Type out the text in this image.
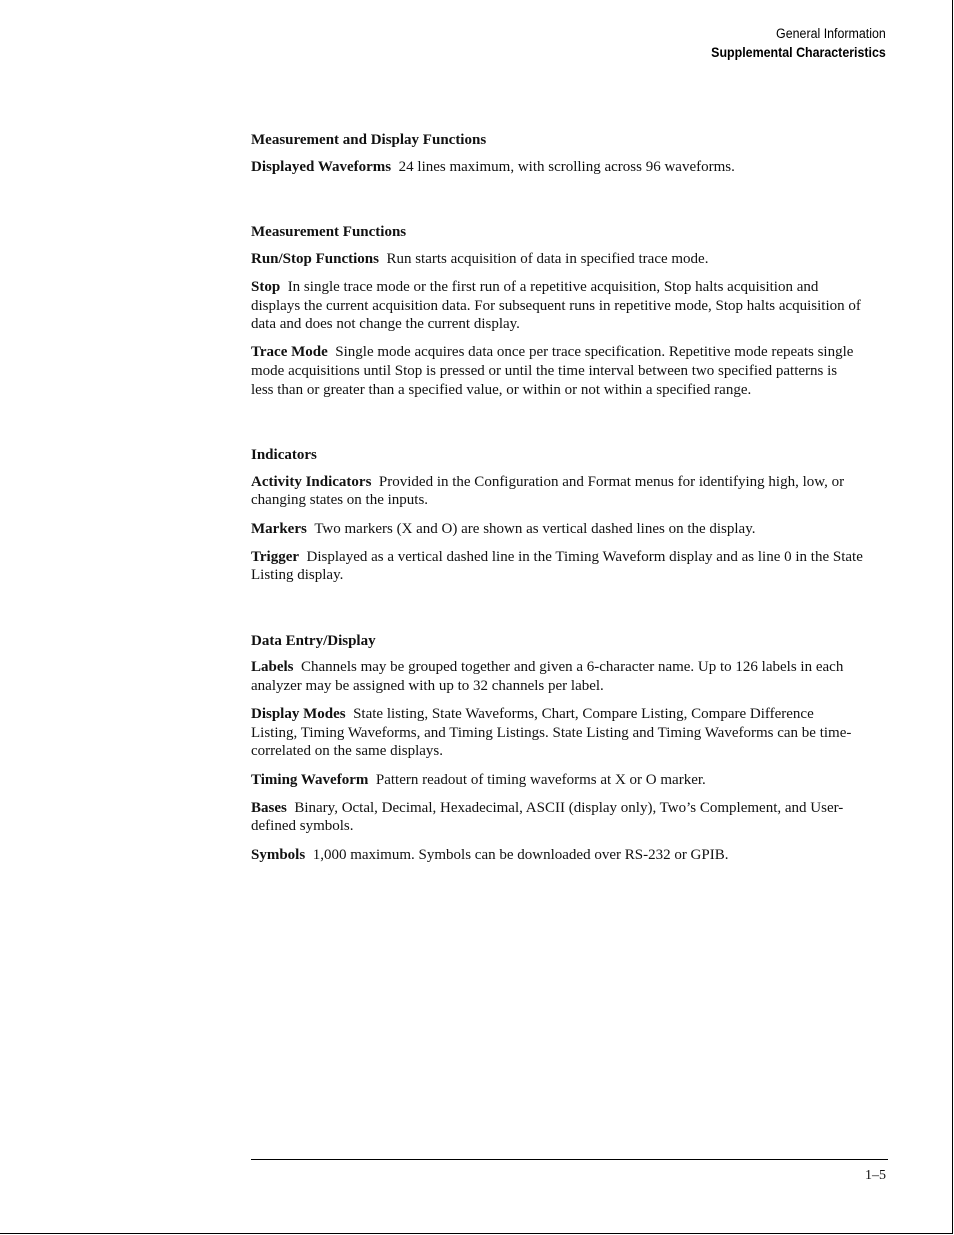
General Information
Supplemental Characteristics
Measurement and Display Functions

Displayed Waveforms 24 lines maximum, with scrolling across 96 waveforms.

Measurement Functions

Run/Stop Functions Run starts acquisition of data in specified trace mode.

Stop In single trace mode or the first run of a repetitive acquisition, Stop halts acquisition and displays the current acquisition data. For subsequent runs in repetitive mode, Stop halts acquisition of data and does not change the current display.

Trace Mode Single mode acquires data once per trace specification. Repetitive mode repeats single mode acquisitions until Stop is pressed or until the time interval between two specified patterns is less than or greater than a specified value, or within or not within a specified range.

Indicators

Activity Indicators Provided in the Configuration and Format menus for identifying high, low, or changing states on the inputs.

Markers Two markers (X and O) are shown as vertical dashed lines on the display.

Trigger Displayed as a vertical dashed line in the Timing Waveform display and as line 0 in the State Listing display.

Data Entry/Display

Labels Channels may be grouped together and given a 6-character name. Up to 126 labels in each analyzer may be assigned with up to 32 channels per label.

Display Modes State listing, State Waveforms, Chart, Compare Listing, Compare Difference Listing, Timing Waveforms, and Timing Listings. State Listing and Timing Waveforms can be time-correlated on the same displays.

Timing Waveform Pattern readout of timing waveforms at X or O marker.

Bases Binary, Octal, Decimal, Hexadecimal, ASCII (display only), Two’s Complement, and User-defined symbols.

Symbols 1,000 maximum. Symbols can be downloaded over RS-232 or GPIB.

1–5
